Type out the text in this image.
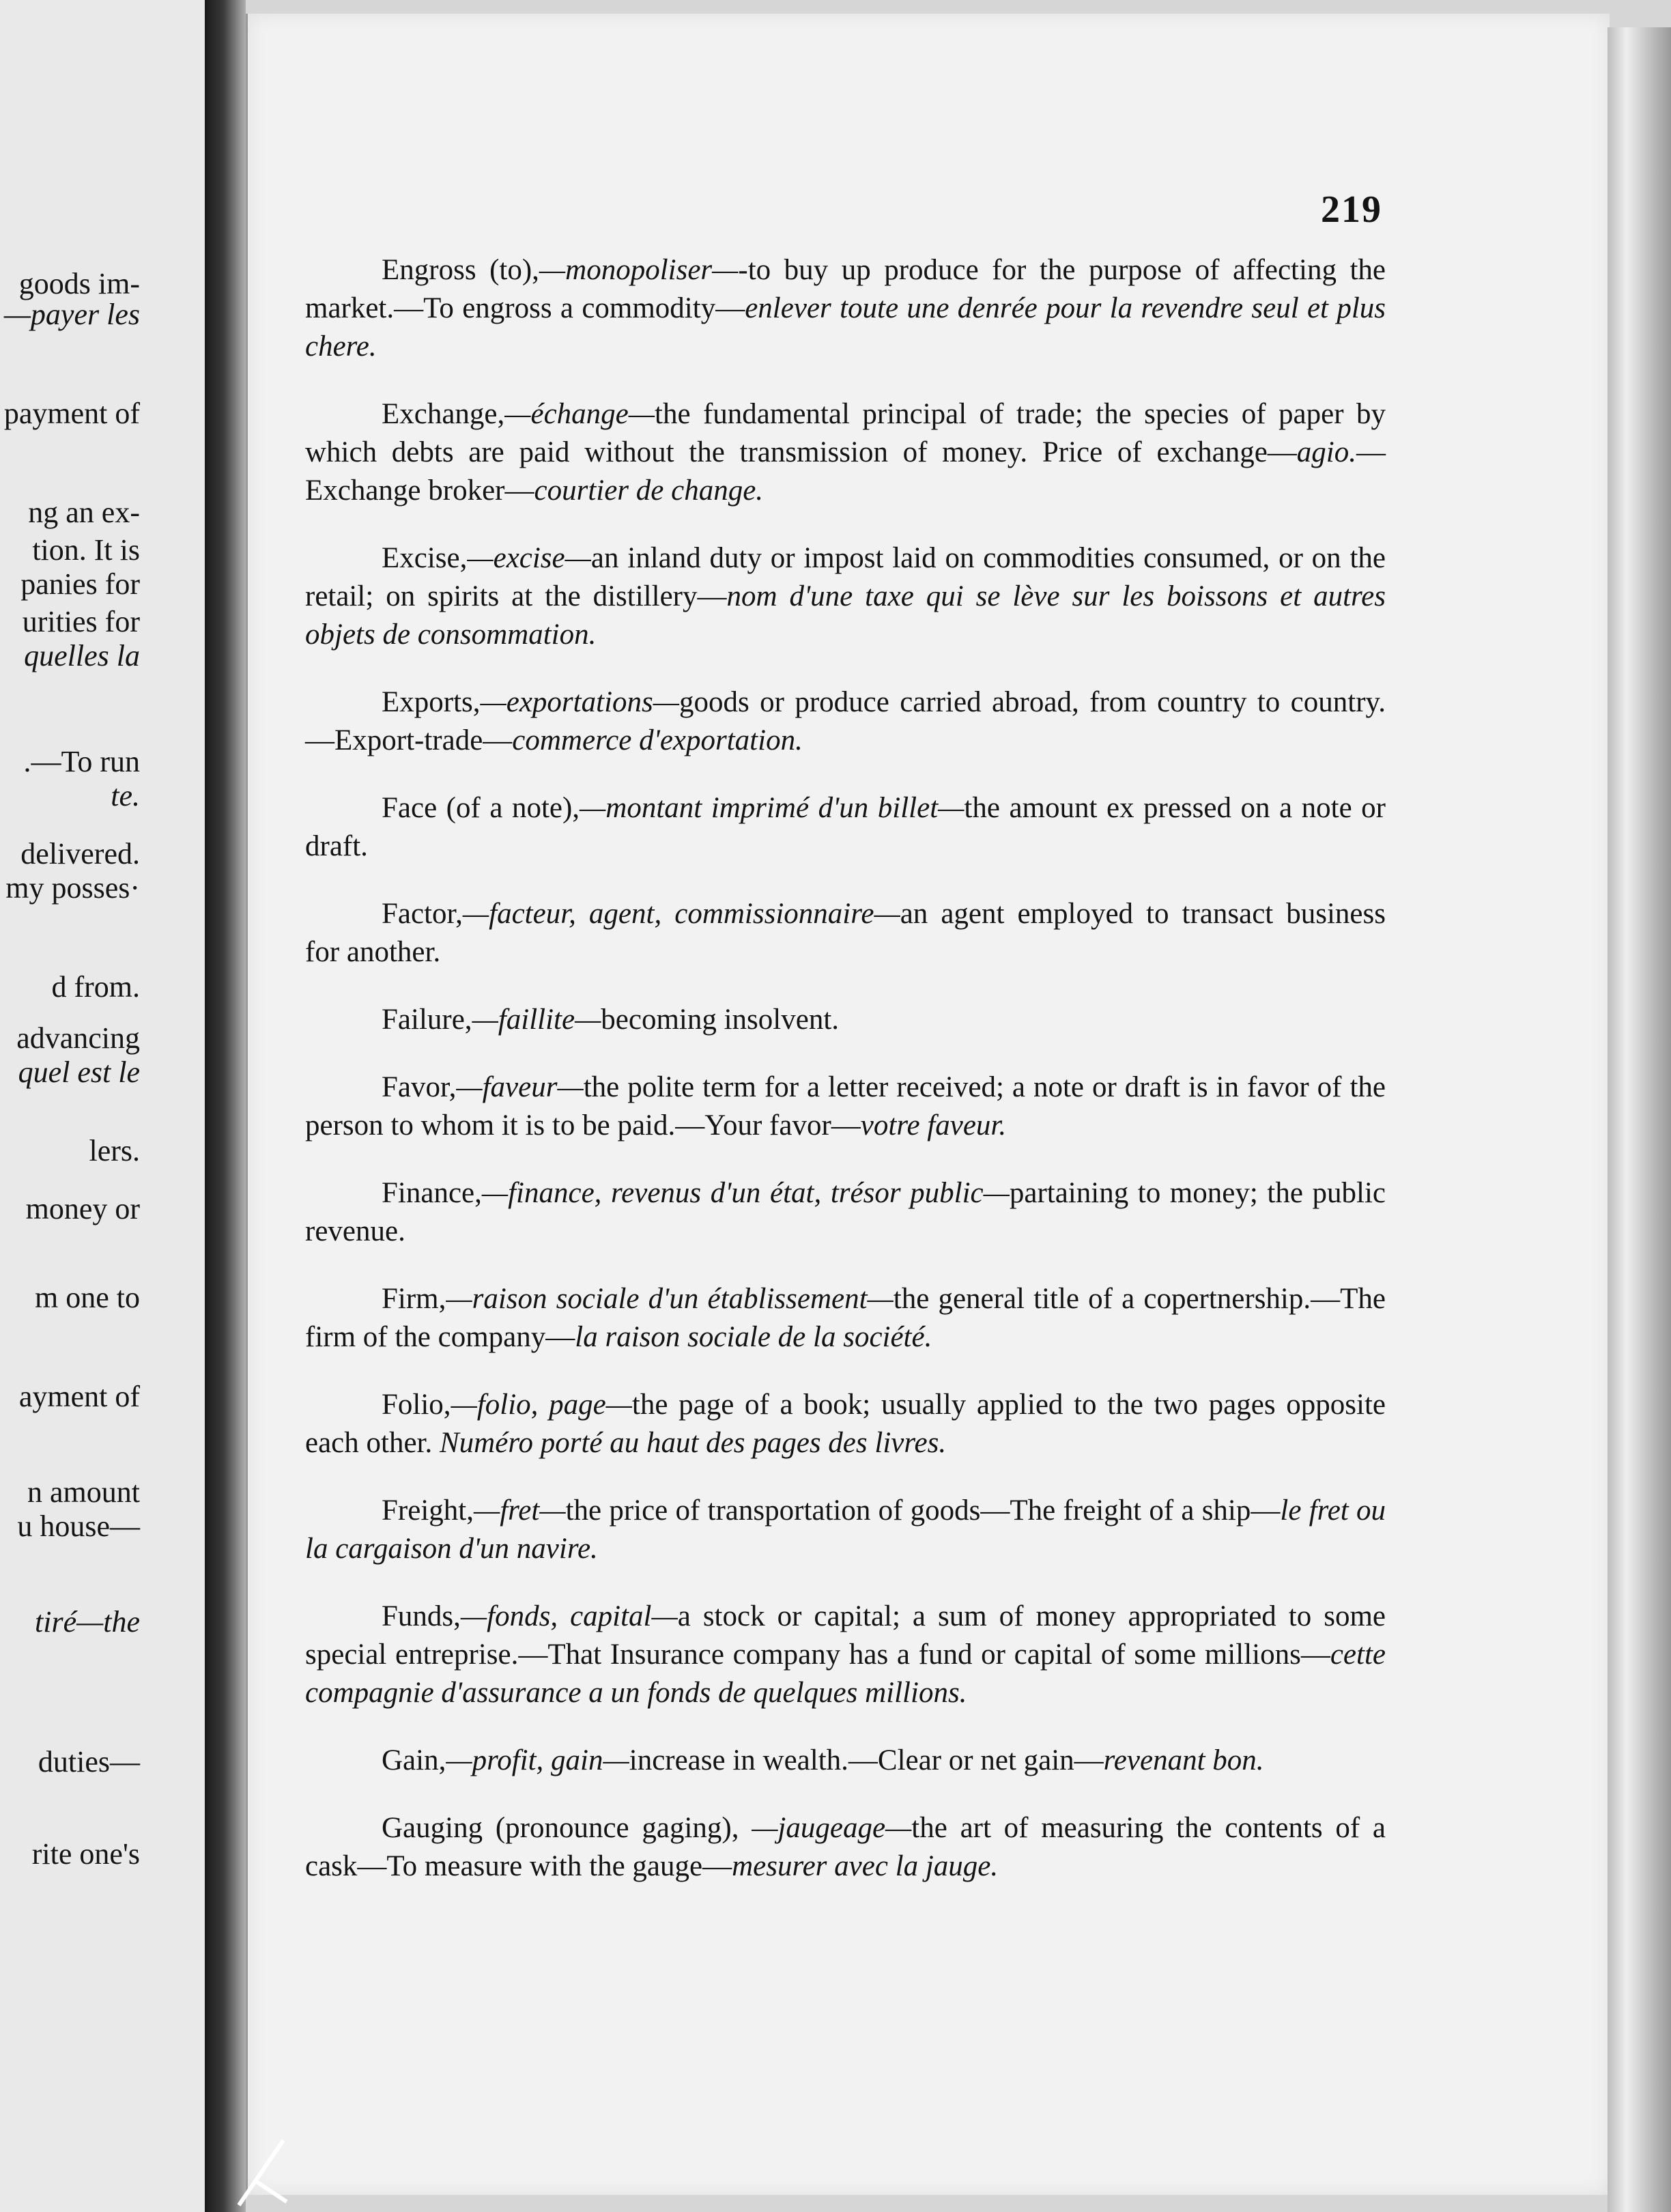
goods im-
—payer les
payment of
ng an ex-
tion. It is
panies for
urities for
quelles la
.—To run
te.
delivered.
my posses·
d from.
advancing
quel est le
lers.
money or
m one to
ayment of
n amount
u house—
tiré—the
duties—
rite one's
219

Engross (to),—monopoliser—-to buy up produce for the purpose of affecting the market.—To engross a commodity—enlever toute une denrée pour la revendre seul et plus chere.

Exchange,—échange—the fundamental principal of trade; the species of paper by which debts are paid without the transmission of money. Price of exchange—agio.—Exchange broker—courtier de change.

Excise,—excise—an inland duty or impost laid on commodities consumed, or on the retail; on spirits at the distillery—nom d'une taxe qui se lève sur les boissons et autres objets de consommation.

Exports,—exportations—goods or produce carried abroad, from country to country.—Export-trade—commerce d'exportation.

Face (of a note),—montant imprimé d'un billet—the amount ex pressed on a note or draft.

Factor,—facteur, agent, commissionnaire—an agent employed to transact business for another.

Failure,—faillite—becoming insolvent.

Favor,—faveur—the polite term for a letter received; a note or draft is in favor of the person to whom it is to be paid.—Your favor—votre faveur.

Finance,—finance, revenus d'un état, trésor public—partaining to money; the public revenue.

Firm,—raison sociale d'un établissement—the general title of a copertnership.—The firm of the company—la raison sociale de la société.

Folio,—folio, page—the page of a book; usually applied to the two pages opposite each other. Numéro porté au haut des pages des livres.

Freight,—fret—the price of transportation of goods—The freight of a ship—le fret ou la cargaison d'un navire.

Funds,—fonds, capital—a stock or capital; a sum of money appropriated to some special entreprise.—That Insurance company has a fund or capital of some millions—cette compagnie d'assurance a un fonds de quelques millions.

Gain,—profit, gain—increase in wealth.—Clear or net gain—revenant bon.

Gauging (pronounce gaging), —jaugeage—the art of measuring the contents of a cask—To measure with the gauge—mesurer avec la jauge.
